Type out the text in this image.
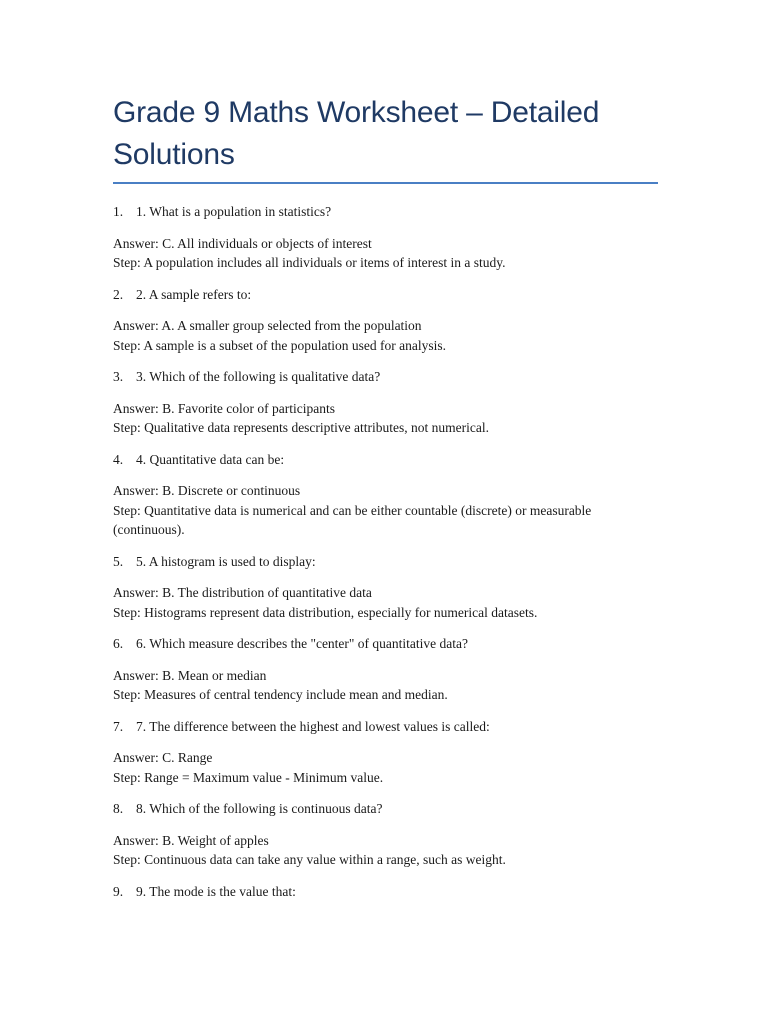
Grade 9 Maths Worksheet – Detailed Solutions
1. 1. What is a population in statistics?
Answer: C. All individuals or objects of interest
Step: A population includes all individuals or items of interest in a study.
2. 2. A sample refers to:
Answer: A. A smaller group selected from the population
Step: A sample is a subset of the population used for analysis.
3. 3. Which of the following is qualitative data?
Answer: B. Favorite color of participants
Step: Qualitative data represents descriptive attributes, not numerical.
4. 4. Quantitative data can be:
Answer: B. Discrete or continuous
Step: Quantitative data is numerical and can be either countable (discrete) or measurable (continuous).
5. 5. A histogram is used to display:
Answer: B. The distribution of quantitative data
Step: Histograms represent data distribution, especially for numerical datasets.
6. 6. Which measure describes the "center" of quantitative data?
Answer: B. Mean or median
Step: Measures of central tendency include mean and median.
7. 7. The difference between the highest and lowest values is called:
Answer: C. Range
Step: Range = Maximum value - Minimum value.
8. 8. Which of the following is continuous data?
Answer: B. Weight of apples
Step: Continuous data can take any value within a range, such as weight.
9. 9. The mode is the value that:
